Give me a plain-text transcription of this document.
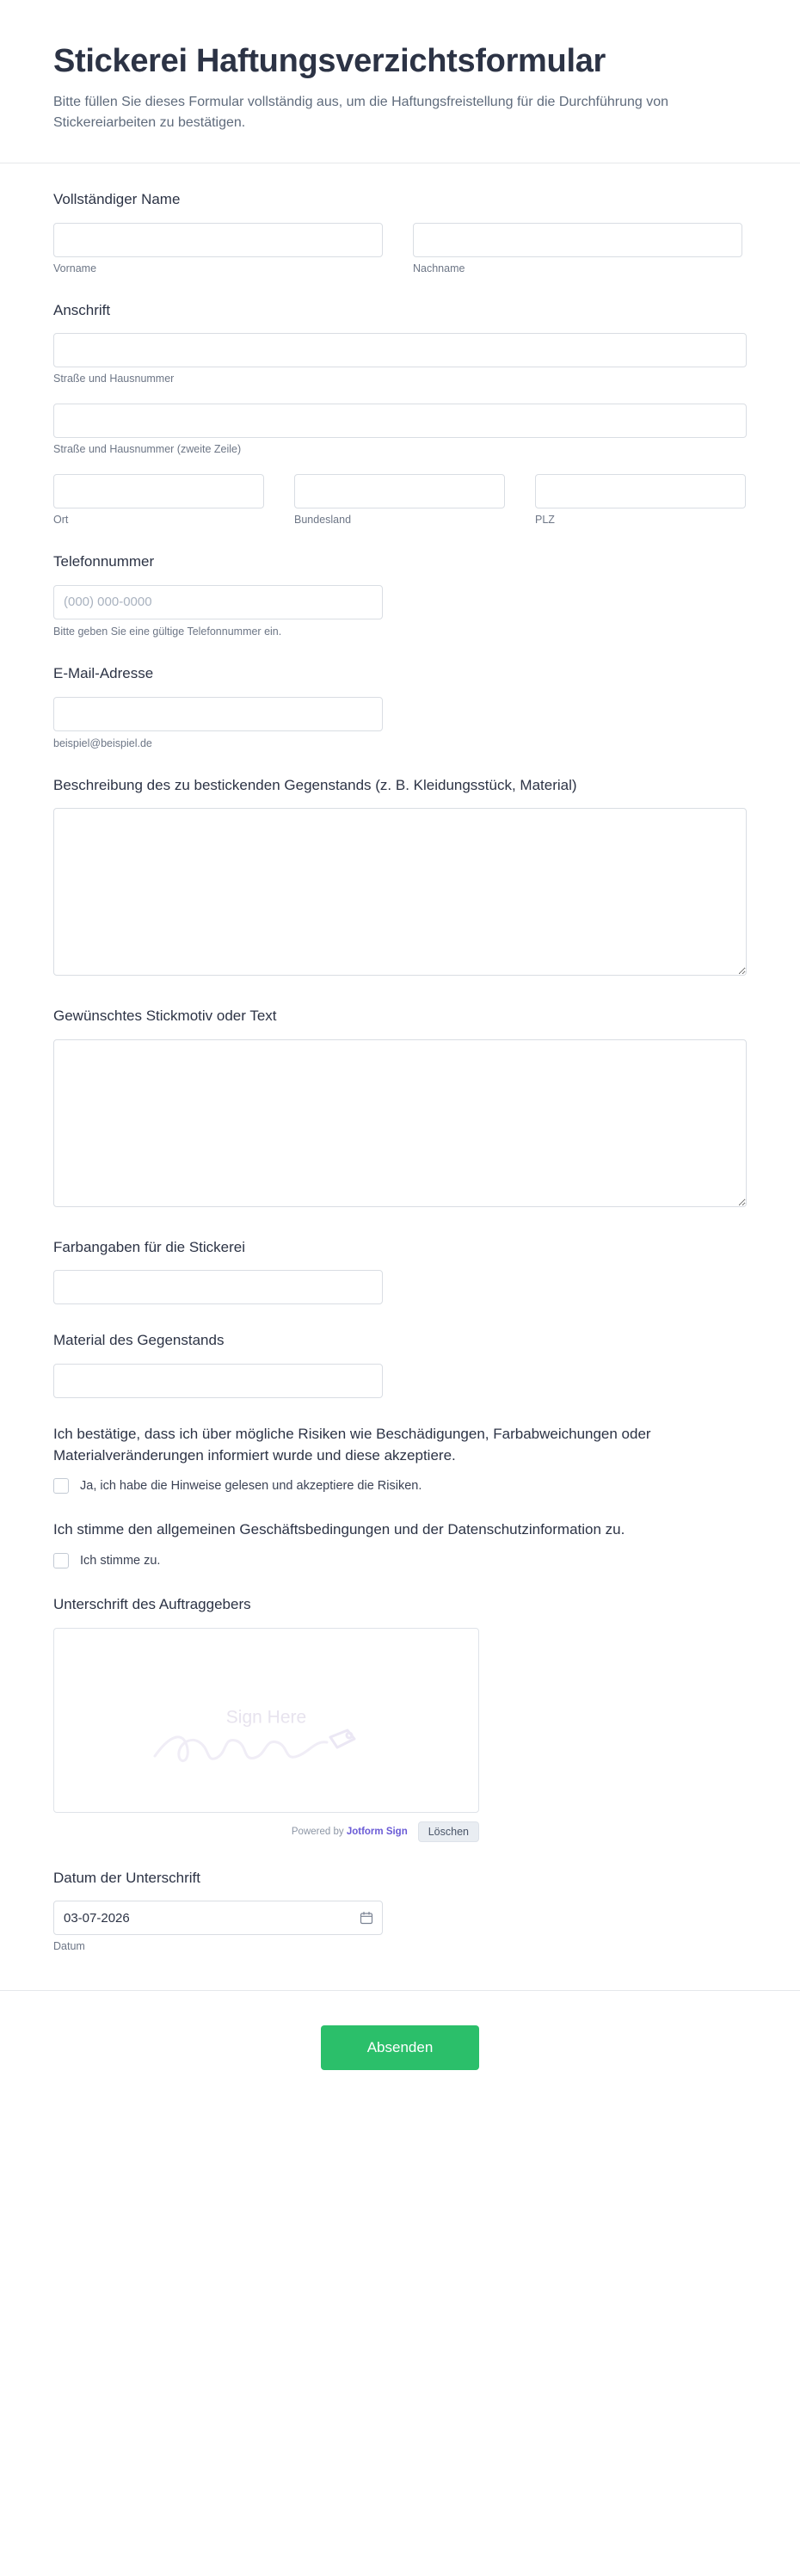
Stickerei Haftungsverzichtsformular

Bitte füllen Sie dieses Formular vollständig aus, um die Haftungsfreistellung für die Durchführung von Stickereiarbeiten zu bestätigen.

Vollständiger Name
Vorname	Nachname
Anschrift
Straße und Hausnummer
Straße und Hausnummer (zweite Zeile)
Ort	Bundesland	PLZ
Telefonnummer
(000) 000-0000
Bitte geben Sie eine gültige Telefonnummer ein.
E-Mail-Adresse
beispiel@beispiel.de
Beschreibung des zu bestickenden Gegenstands (z. B. Kleidungsstück, Material)
Gewünschtes Stickmotiv oder Text
Farbangaben für die Stickerei
Material des Gegenstands
Ich bestätige, dass ich über mögliche Risiken wie Beschädigungen, Farbabweichungen oder Materialveränderungen informiert wurde und diese akzeptiere.
Ja, ich habe die Hinweise gelesen und akzeptiere die Risiken.
Ich stimme den allgemeinen Geschäftsbedingungen und der Datenschutzinformation zu.
Ich stimme zu.
Unterschrift des Auftraggebers
Sign Here
Powered by Jotform Sign	Löschen
Datum der Unterschrift
03-07-2026
Datum
Absenden
